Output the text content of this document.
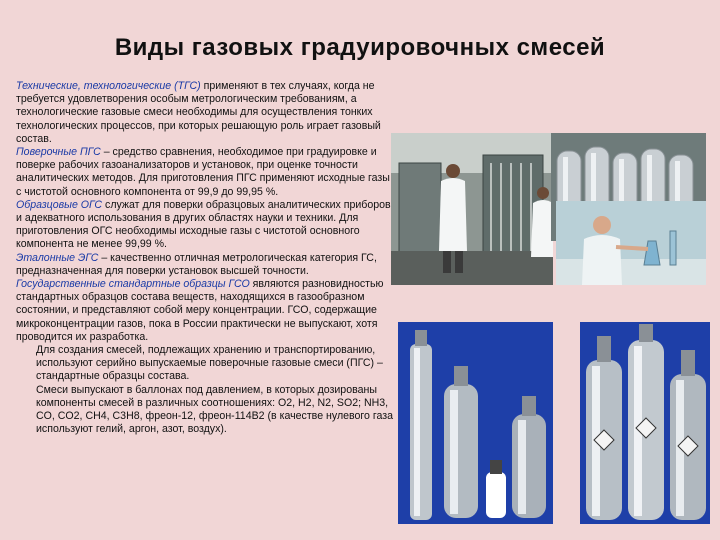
Виды газовых градуировочных смесей

Технические, технологические (ТГС) применяют в тех случаях, когда не требуется удовлетворения особым метрологическим требованиям, а технологические газовые смеси необходимы для осуществления тонких технологических процессов, при которых решающую роль играет газовый состав.

Поверочные ПГС – средство сравнения, необходимое при градуировке и поверке рабочих газоанализаторов и установок, при оценке точности аналитических методов. Для приготовления ПГС применяют исходные газы с чистотой основного компонента от 99,9 до 99,95 %.

Образцовые ОГС служат для поверки образцовых аналитических приборов и адекватного использования в других областях науки и техники. Для приготовления ОГС необходимы исходные газы с чистотой основного компонента не менее 99,99 %.

Эталонные ЭГС – качественно отличная метрологическая категория ГС, предназначенная для поверки установок высшей точности.

Государственные стандартные образцы ГСО являются разновидностью стандартных образцов состава веществ, находящихся в газообразном состоянии, и представляют собой меру концентрации. ГСО, содержащие микроконцентрации газов, пока в России практически не выпускают, хотя проводится их разработка.

Для создания смесей, подлежащих хранению и транспортированию, используют серийно выпускаемые поверочные газовые смеси (ПГС) – стандартные образцы состава.

Смеси выпускают в баллонах под давлением, в которых дозированы компоненты смесей в различных соотношениях: О2, Н2, N2, SO2; NH3, CO, CO2, CH4, C3H8, фреон-12, фреон-114В2 (в качестве нулевого газа используют гелий, аргон, азот, воздух).
